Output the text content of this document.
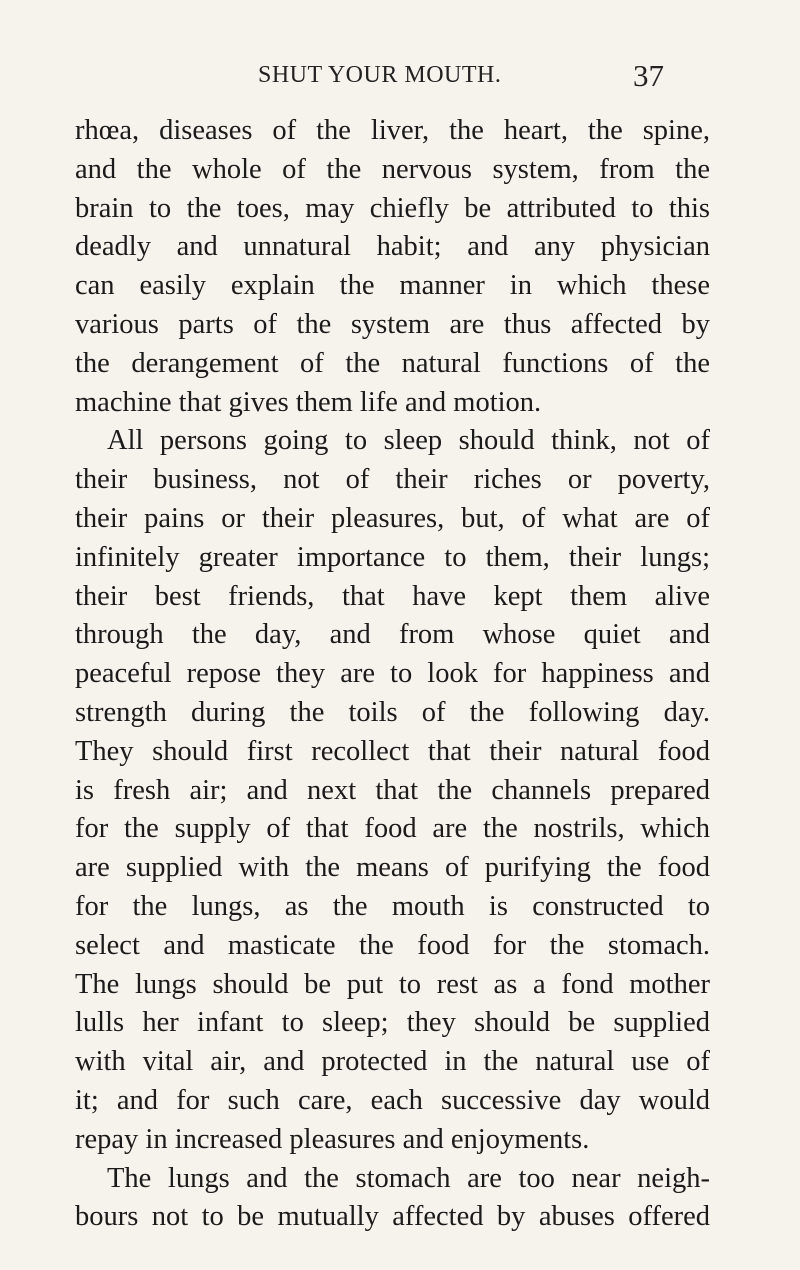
SHUT YOUR MOUTH.	37
rhœa, diseases of the liver, the heart, the spine,
and the whole of the nervous system, from the
brain to the toes, may chiefly be attributed to this
deadly and unnatural habit; and any physician
can easily explain the manner in which these
various parts of the system are thus affected by
the derangement of the natural functions of the
machine that gives them life and motion.
All persons going to sleep should think, not of
their business, not of their riches or poverty,
their pains or their pleasures, but, of what are of
infinitely greater importance to them, their lungs;
their best friends, that have kept them alive
through the day, and from whose quiet and
peaceful repose they are to look for happiness and
strength during the toils of the following day.
They should first recollect that their natural food
is fresh air; and next that the channels prepared
for the supply of that food are the nostrils, which
are supplied with the means of purifying the food
for the lungs, as the mouth is constructed to
select and masticate the food for the stomach.
The lungs should be put to rest as a fond mother
lulls her infant to sleep; they should be supplied
with vital air, and protected in the natural use of
it; and for such care, each successive day would
repay in increased pleasures and enjoyments.
The lungs and the stomach are too near neigh-
bours not to be mutually affected by abuses offered
